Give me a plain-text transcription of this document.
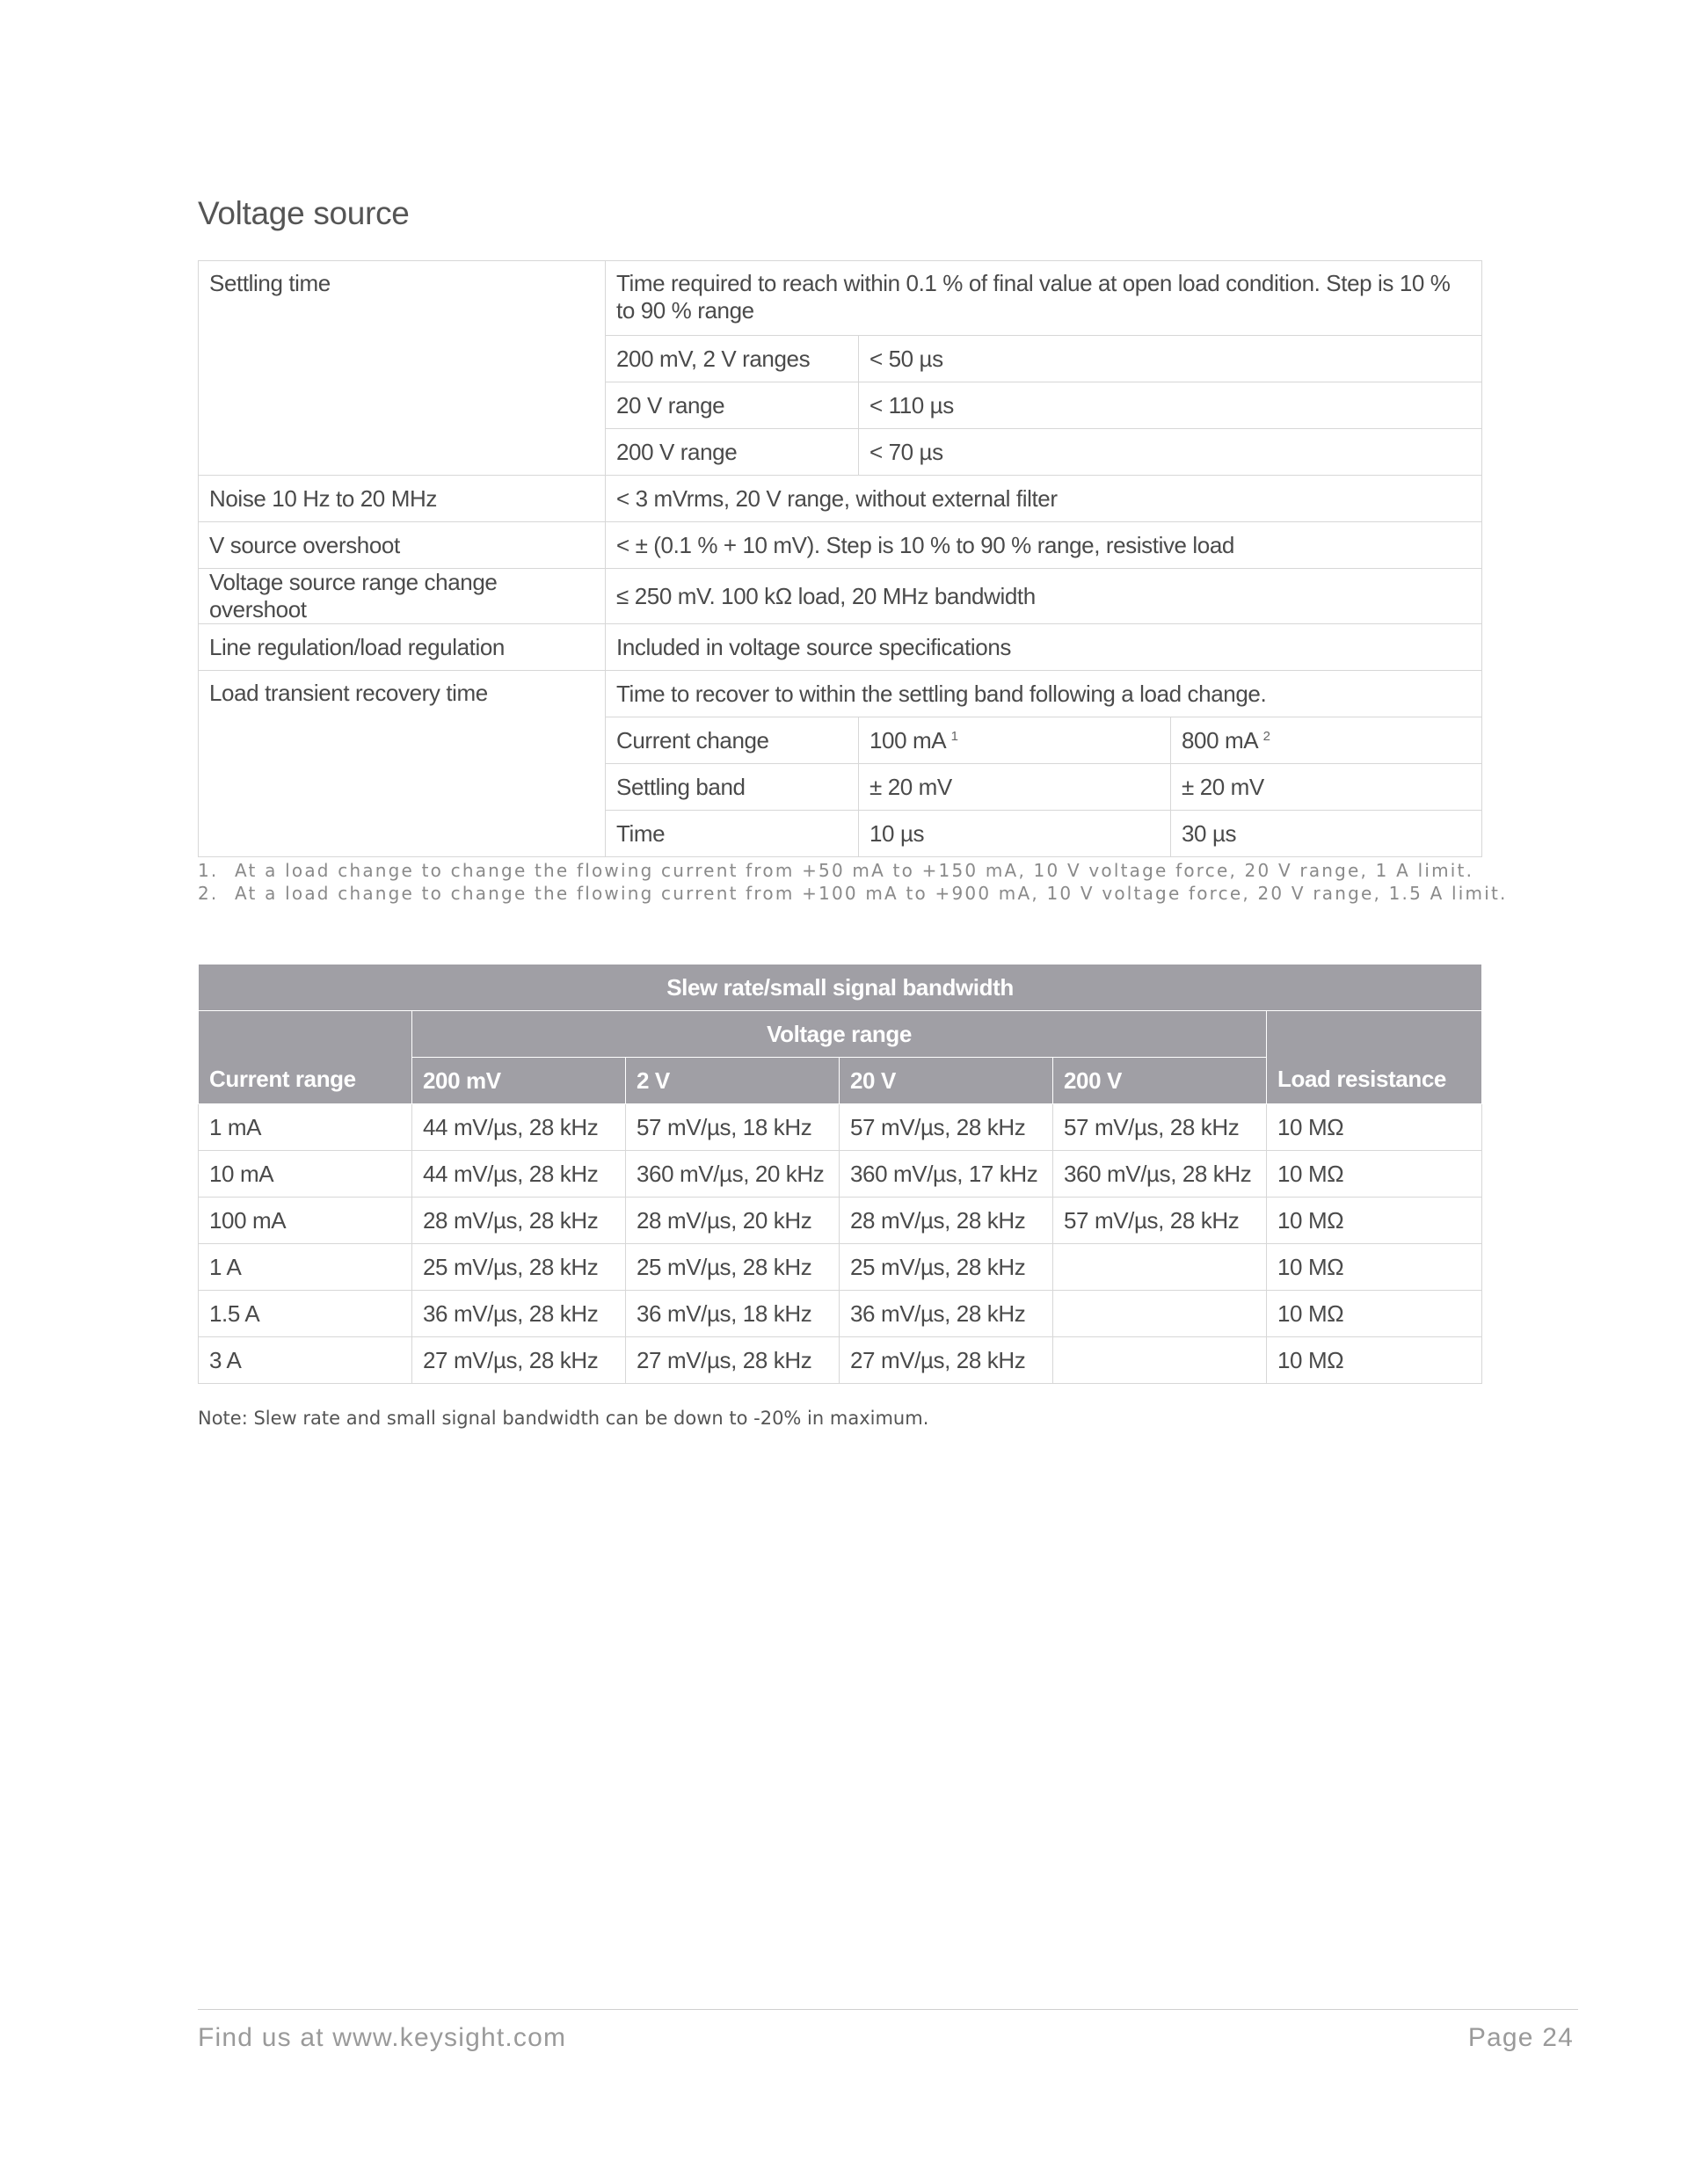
Voltage source
Settling time	Time required to reach within 0.1 % of final value at open load condition. Step is 10 % to 90 % range		
	200 mV, 2 V ranges	< 50 µs	
	20 V range	< 110 µs	
	200 V range	< 70 µs	
Noise 10 Hz to 20 MHz	< 3 mVrms, 20 V range, without external filter		
V source overshoot	< ± (0.1 % + 10 mV). Step is 10 % to 90 % range, resistive load		
Voltage source range change overshoot	≤ 250 mV. 100 kΩ load, 20 MHz bandwidth		
Line regulation/load regulation	Included in voltage source specifications		
Load transient recovery time	Time to recover to within the settling band following a load change.		
	Current change	100 mA $^1$	800 mA $^2$
	Settling band	± 20 mV	± 20 mV
	Time	10 µs	30 µs
1. At a load change to change the flowing current from +50 mA to +150 mA, 10 V voltage force, 20 V range, 1 A limit.
2. At a load change to change the flowing current from +100 mA to +900 mA, 10 V voltage force, 20 V range, 1.5 A limit.
Slew rate/small signal bandwidth					
Current range	Voltage range				Load resistance
	200 mV	2 V	20 V	200 V	
1 mA	44 mV/µs, 28 kHz	57 mV/µs, 18 kHz	57 mV/µs, 28 kHz	57 mV/µs, 28 kHz	10 MΩ
10 mA	44 mV/µs, 28 kHz	360 mV/µs, 20 kHz	360 mV/µs, 17 kHz	360 mV/µs, 28 kHz	10 MΩ
100 mA	28 mV/µs, 28 kHz	28 mV/µs, 20 kHz	28 mV/µs, 28 kHz	57 mV/µs, 28 kHz	10 MΩ
1 A	25 mV/µs, 28 kHz	25 mV/µs, 28 kHz	25 mV/µs, 28 kHz		10 MΩ
1.5 A	36 mV/µs, 28 kHz	36 mV/µs, 18 kHz	36 mV/µs, 28 kHz		10 MΩ
3 A	27 mV/µs, 28 kHz	27 mV/µs, 28 kHz	27 mV/µs, 28 kHz		10 MΩ
Note: Slew rate and small signal bandwidth can be down to -20% in maximum.
Find us at www.keysight.com	Page 24
